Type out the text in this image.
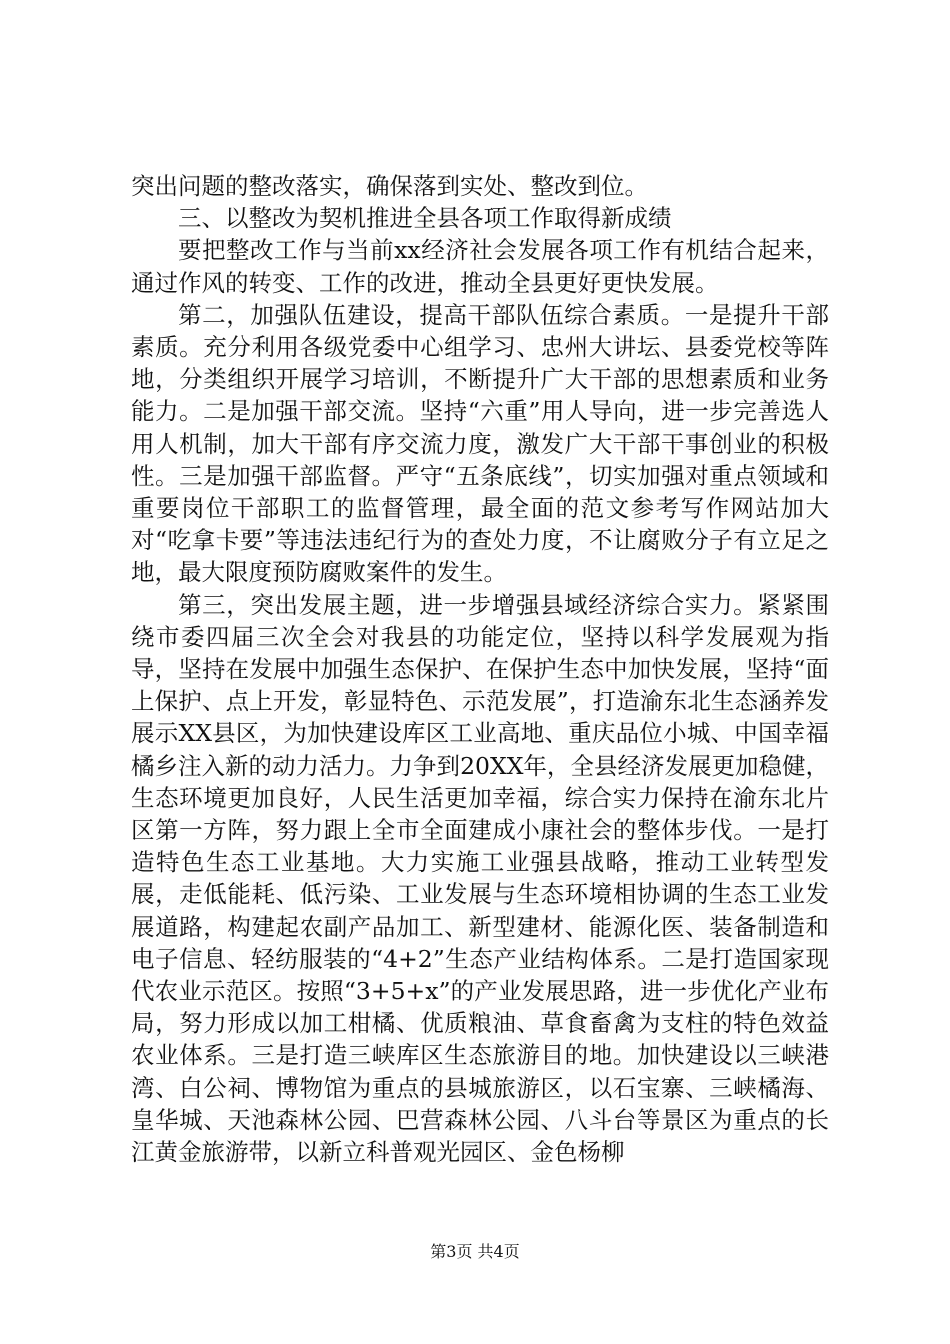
突出问题的整改落实，确保落到实处、整改到位。

三、以整改为契机推进全县各项工作取得新成绩

要把整改工作与当前xx经济社会发展各项工作有机结合起来，通过作风的转变、工作的改进，推动全县更好更快发展。

第二，加强队伍建设，提高干部队伍综合素质。一是提升干部素质。充分利用各级党委中心组学习、忠州大讲坛、县委党校等阵地，分类组织开展学习培训，不断提升广大干部的思想素质和业务能力。二是加强干部交流。坚持“六重”用人导向，进一步完善选人用人机制，加大干部有序交流力度，激发广大干部干事创业的积极性。三是加强干部监督。严守“五条底线”，切实加强对重点领域和重要岗位干部职工的监督管理，最全面的范文参考写作网站加大对“吃拿卡要”等违法违纪行为的查处力度，不让腐败分子有立足之地，最大限度预防腐败案件的发生。

第三，突出发展主题，进一步增强县域经济综合实力。紧紧围绕市委四届三次全会对我县的功能定位，坚持以科学发展观为指导，坚持在发展中加强生态保护、在保护生态中加快发展，坚持“面上保护、点上开发，彰显特色、示范发展”，打造渝东北生态涵养发展示XX县区，为加快建设库区工业高地、重庆品位小城、中国幸福橘乡注入新的动力活力。力争到20XX年，全县经济发展更加稳健，生态环境更加良好，人民生活更加幸福，综合实力保持在渝东北片区第一方阵，努力跟上全市全面建成小康社会的整体步伐。一是打造特色生态工业基地。大力实施工业强县战略，推动工业转型发展，走低能耗、低污染、工业发展与生态环境相协调的生态工业发展道路，构建起农副产品加工、新型建材、能源化医、装备制造和电子信息、轻纺服装的“4+2”生态产业结构体系。二是打造国家现代农业示范区。按照“3+5+x”的产业发展思路，进一步优化产业布局，努力形成以加工柑橘、优质粮油、草食畜禽为支柱的特色效益农业体系。三是打造三峡库区生态旅游目的地。加快建设以三峡港湾、白公祠、博物馆为重点的县城旅游区，以石宝寨、三峡橘海、皇华城、天池森林公园、巴营森林公园、八斗台等景区为重点的长江黄金旅游带，以新立科普观光园区、金色杨柳

第3页 共4页
